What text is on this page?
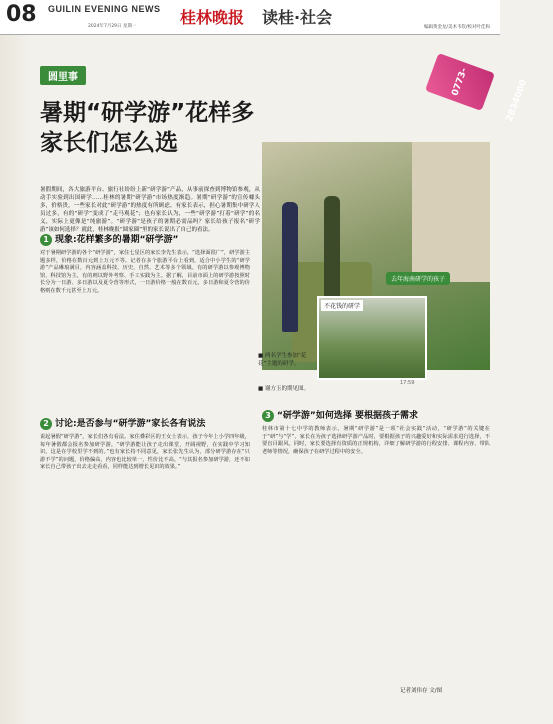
08 GUILIN EVENING NEWS
2024年7月29日 星期一	桂林晚报 读桂·社会
编辑黄金龙/美术韦钦/校对叶佳和
圆里事	0773-2834000
暑期“研学游”花样多家长们怎么选
暑假期间，各大旅游平台、旅行社纷纷上新“研学游”产品，从事前探查到博物馆参观，从动手实验到出国研学……桂林的暑期“研学游”市场热度渐趋。暑期“研学游”的宣传噱头多，价格贵，一些家长对此“研学游”的热度有所顾虑。有家长表示，担心暑期集中研学人员过多，有的“研学”变成了“走马观花”；也有家长认为，一些“研学游”打着“研学”的名义，实际上更像是“纯旅游”。“研学游”是孩子的暑期必需品吗？家长给孩子报名“研学游”该如何选择？就此，桂林晚报“圆家圈”里的家长说出了自己的看法。
去年海南研学的孩子
不花钱的研学
■ 两名学生参加“花花”主题的研学。
■ 谢方玉的期见图。
17:59
1 现象:花样繁多的暑期“研学游”
对于暑期研学游的各个“研学游”，家住七星区的家长李先生表示，“选择面很广”，研学游主题多样，价格在数百元到上万元不等。记者在多个旅游平台上看到，适合中小学生的“研学游”产品琳琅满目，内容涵盖科技、历史、自然、艺术等多个领域。有的研学游以参观博物馆、科技馆为主，有的则以野外考察、手工实践为主。据了解，目前市面上的研学游按照时长分为一日游、多日游以及夏令营等形式，一日游价格一般在数百元，多日游和夏令营的价格则在数千元甚至上万元。
2 讨论:是否参与“研学游”家长各有说法
说起暑假“研学游”，家长们各有看法。家住叠彩区的王女士表示，孩子今年上小学四年级，每年暑假都会报名参加研学游。“研学游能让孩子走出课堂，开阔视野，在实践中学习知识，这是在学校里学不到的。”也有家长持不同意见，家长张先生认为，部分研学游存在“只游不学”的问题，价格偏高，内容也比较单一，性价比不高。“与其报名参加研学游，还不如家长自己带孩子出去走走看看，同样能达到增长见识的效果。”
3 “研学游”如何选择 要根据孩子需求
桂林市第十七中学的教师表示，暑期“研学游”是一项“社会实践”活动，“研学游”的关键在于“研”与“学”，家长在为孩子选择研学游产品时，要根据孩子的兴趣爱好和实际需求进行选择，不要盲目跟风。同时，家长要选择有资质的正规机构，详细了解研学游的行程安排、课程内容、带队老师等情况，确保孩子在研学过程中的安全。
记者刘伟存 文/图
